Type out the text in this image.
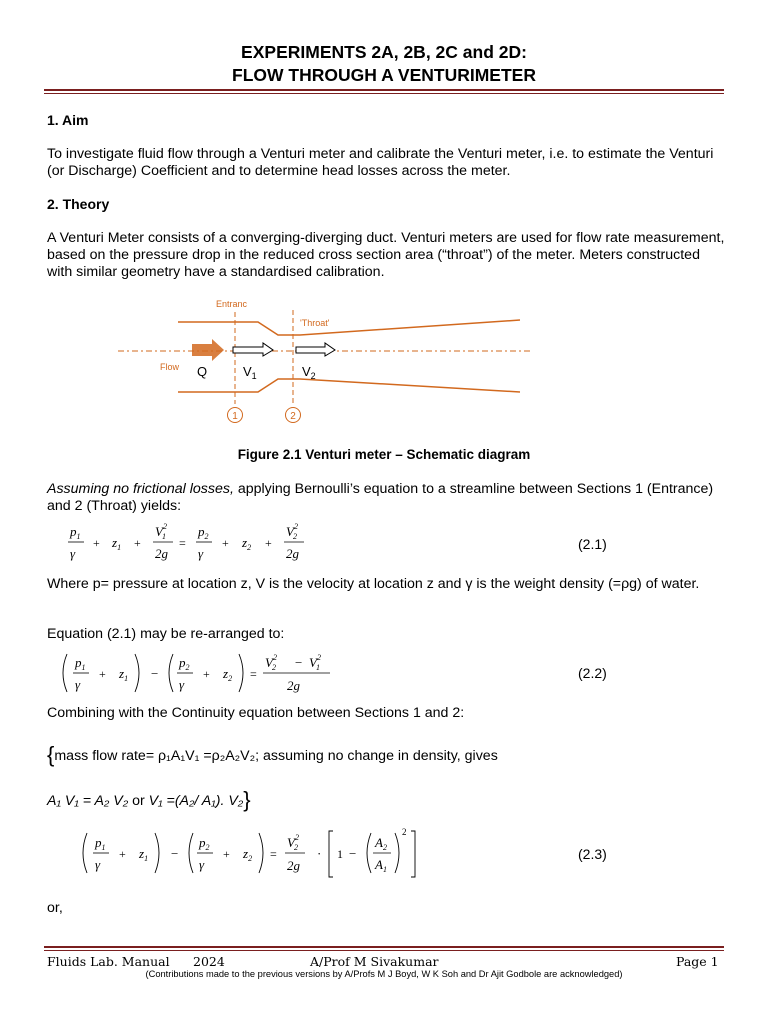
EXPERIMENTS 2A, 2B, 2C and 2D:
FLOW THROUGH A VENTURIMETER
1. Aim
To investigate fluid flow through a Venturi meter and calibrate the Venturi meter, i.e. to estimate the Venturi (or Discharge) Coefficient and to determine head losses across the meter.
2. Theory
A Venturi Meter consists of a converging-diverging duct. Venturi meters are used for flow rate measurement, based on the pressure drop in the reduced cross section area (“throat”) of the meter. Meters constructed with similar geometry have a standardised calibration.
Entranc
'Throat'
Flow Q	$V_1$	$V_2$
1	2
Figure 2.1 Venturi meter – Schematic diagram
Assuming no frictional losses, applying Bernoulli’s equation to a streamline between Sections 1 (Entrance) and 2 (Throat) yields:
$p_1$
γ
+ $z_1$ +
$V^2$ 1
2g
=
$p_2$
γ
+ $z_2$ +
$V^2$ 2
2g
(2.1)
Where p= pressure at location z, V is the velocity at location z and γ is the weight density (=ρg) of water.
Equation (2.1) may be re-arranged to:
$p_1$
γ
+ $z_1$ −
$p_2$
γ
+ $z_2$ =
$V^2$ $2 - V^2$ 1
2g
(2.2)
Combining with the Continuity equation between Sections 1 and 2:
{mass flow rate= ρ₁A₁V₁ =ρ₂A₂V₂; assuming no change in density, gives
A₁ V₁ = A₂ V₂ or V₁ =(A₂/ A₁). V₂}
$p_1$
γ
+ $z_1$ −
$p_2$
γ
+ $z_2$ =
$V^2$ 2
2g
· 1 −
$A_2$
$A_1$
2
(2.3)
or,
Fluids Lab. Manual 2024	A/Prof M Sivakumar	Page 1
(Contributions made to the previous versions by A/Profs M J Boyd, W K Soh and Dr Ajit Godbole are acknowledged)
